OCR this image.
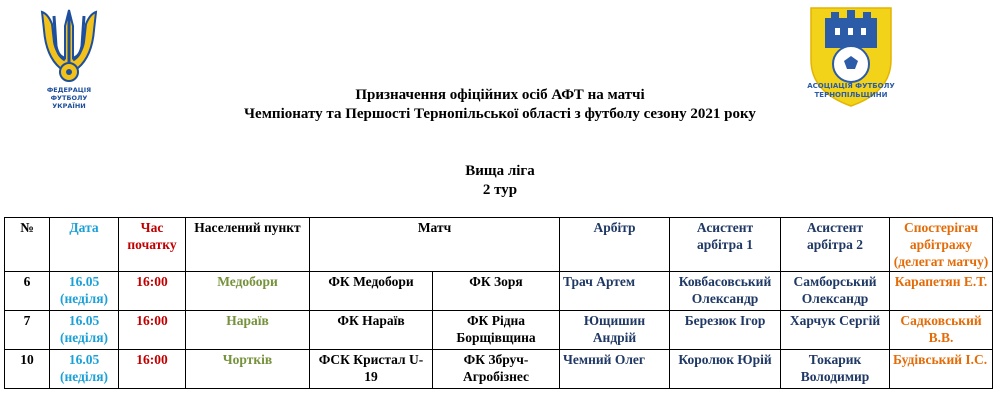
ФЕДЕРАЦІЯ
ФУТБОЛУ
УКРАЇНИ
АСОЦІАЦІЯ ФУТБОЛУ
ТЕРНОПІЛЬЩИНИ
Призначення офіційних осіб АФТ на матчі
Чемпіонату та Першості Тернопільської області з футболу сезону 2021 року
Вища ліга
2 тур
№	Дата	Час початку	Населений пункт	Матч		Арбітр	Асистент арбітра 1	Асистент арбітра 2	Спостерігач арбітражу (делегат матчу)
6	16.05 (неділя)	16:00	Медобори	ФК Медобори	ФК Зоря	Трач Артем	Ковбасовський Олександр	Самборський Олександр	Карапетян Е.Т.
7	16.05 (неділя)	16:00	Нараїв	ФК Нараїв	ФК Рідна Борщівщина	Ющишин Андрій	Березюк Ігор	Харчук Сергій	Садковський В.В.
10	16.05 (неділя)	16:00	Чортків	ФСК Кристал U-19	ФК Збруч-Агробізнес	Чемний Олег	Королюк Юрій	Токарик Володимир	Будівський І.С.
